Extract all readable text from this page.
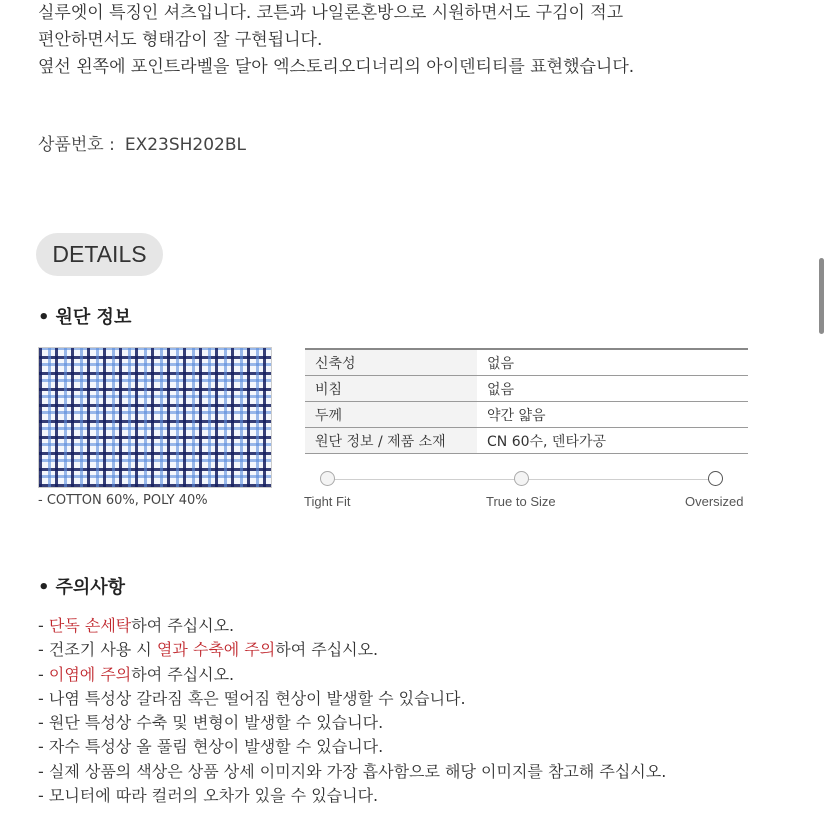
실루엣이 특징인 셔츠입니다. 코튼과 나일론혼방으로 시원하면서도 구김이 적고
편안하면서도 형태감이 잘 구현됩니다.
옆선 왼쪽에 포인트라벨을 달아 엑스토리오디너리의 아이덴티티를 표현했습니다.
상품번호 : EX23SH202BL
DETAILS
• 원단 정보
- COTTON 60%, POLY 40%
신축성	없음
비침	없음
두께	약간 얇음
원단 정보 / 제품 소재	CN 60수, 덴타가공
Tight Fit	True to Size	Oversized
• 주의사항
- 단독 손세탁하여 주십시오.
- 건조기 사용 시 열과 수축에 주의하여 주십시오.
- 이염에 주의하여 주십시오.
- 나염 특성상 갈라짐 혹은 떨어짐 현상이 발생할 수 있습니다.
- 원단 특성상 수축 및 변형이 발생할 수 있습니다.
- 자수 특성상 올 풀림 현상이 발생할 수 있습니다.
- 실제 상품의 색상은 상품 상세 이미지와 가장 흡사함으로 해당 이미지를 참고해 주십시오.
- 모니터에 따라 컬러의 오차가 있을 수 있습니다.
